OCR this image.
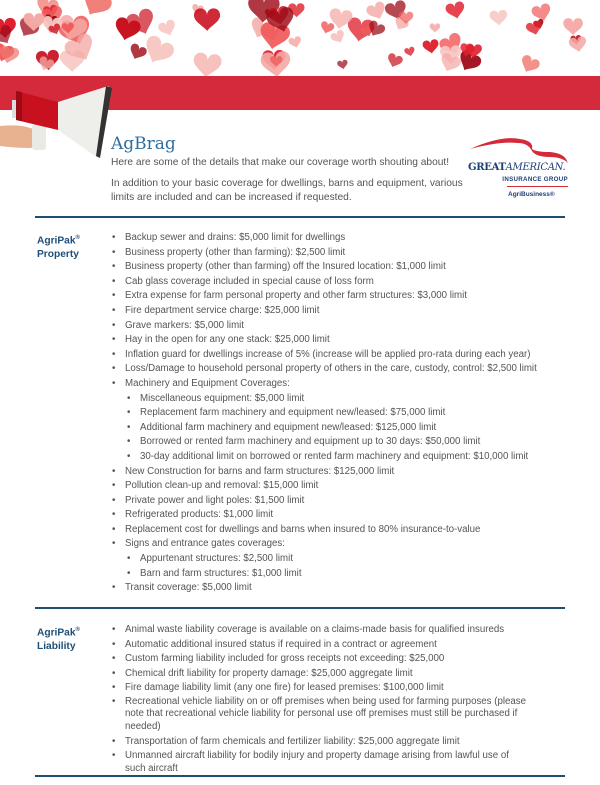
AgBrag
Here are some of the details that make our coverage worth shouting about!
In addition to your basic coverage for dwellings, barns and equipment, various limits are included and can be increased if requested.
GREATAMERICAN.
INSURANCE GROUP
AgriBusiness®
AgriPak®
Property
• Backup sewer and drains: $5,000 limit for dwellings
• Business property (other than farming): $2,500 limit
• Business property (other than farming) off the Insured location: $1,000 limit
• Cab glass coverage included in special cause of loss form
• Extra expense for farm personal property and other farm structures: $3,000 limit
• Fire department service charge: $25,000 limit
• Grave markers: $5,000 limit
• Hay in the open for any one stack: $25,000 limit
• Inflation guard for dwellings increase of 5% (increase will be applied pro-rata during each year)
• Loss/Damage to household personal property of others in the care, custody, control: $2,500 limit
• Machinery and Equipment Coverages:
• Miscellaneous equipment: $5,000 limit
• Replacement farm machinery and equipment new/leased: $75,000 limit
• Additional farm machinery and equipment new/leased: $125,000 limit
• Borrowed or rented farm machinery and equipment up to 30 days: $50,000 limit
• 30-day additional limit on borrowed or rented farm machinery and equipment: $10,000 limit
• New Construction for barns and farm structures: $125,000 limit
• Pollution clean-up and removal: $15,000 limit
• Private power and light poles: $1,500 limit
• Refrigerated products: $1,000 limit
• Replacement cost for dwellings and barns when insured to 80% insurance-to-value
• Signs and entrance gates coverages:
• Appurtenant structures: $2,500 limit
• Barn and farm structures: $1,000 limit
• Transit coverage: $5,000 limit
AgriPak®
Liability
• Animal waste liability coverage is available on a claims-made basis for qualified insureds
• Automatic additional insured status if required in a contract or agreement
• Custom farming liability included for gross receipts not exceeding: $25,000
• Chemical drift liability for property damage: $25,000 aggregate limit
• Fire damage liability limit (any one fire) for leased premises: $100,000 limit
• Recreational vehicle liability on or off premises when being used for farming purposes (please note that recreational vehicle liability for personal use off premises must still be purchased if needed)
• Transportation of farm chemicals and fertilizer liability: $25,000 aggregate limit
• Unmanned aircraft liability for bodily injury and property damage arising from lawful use of such aircraft
